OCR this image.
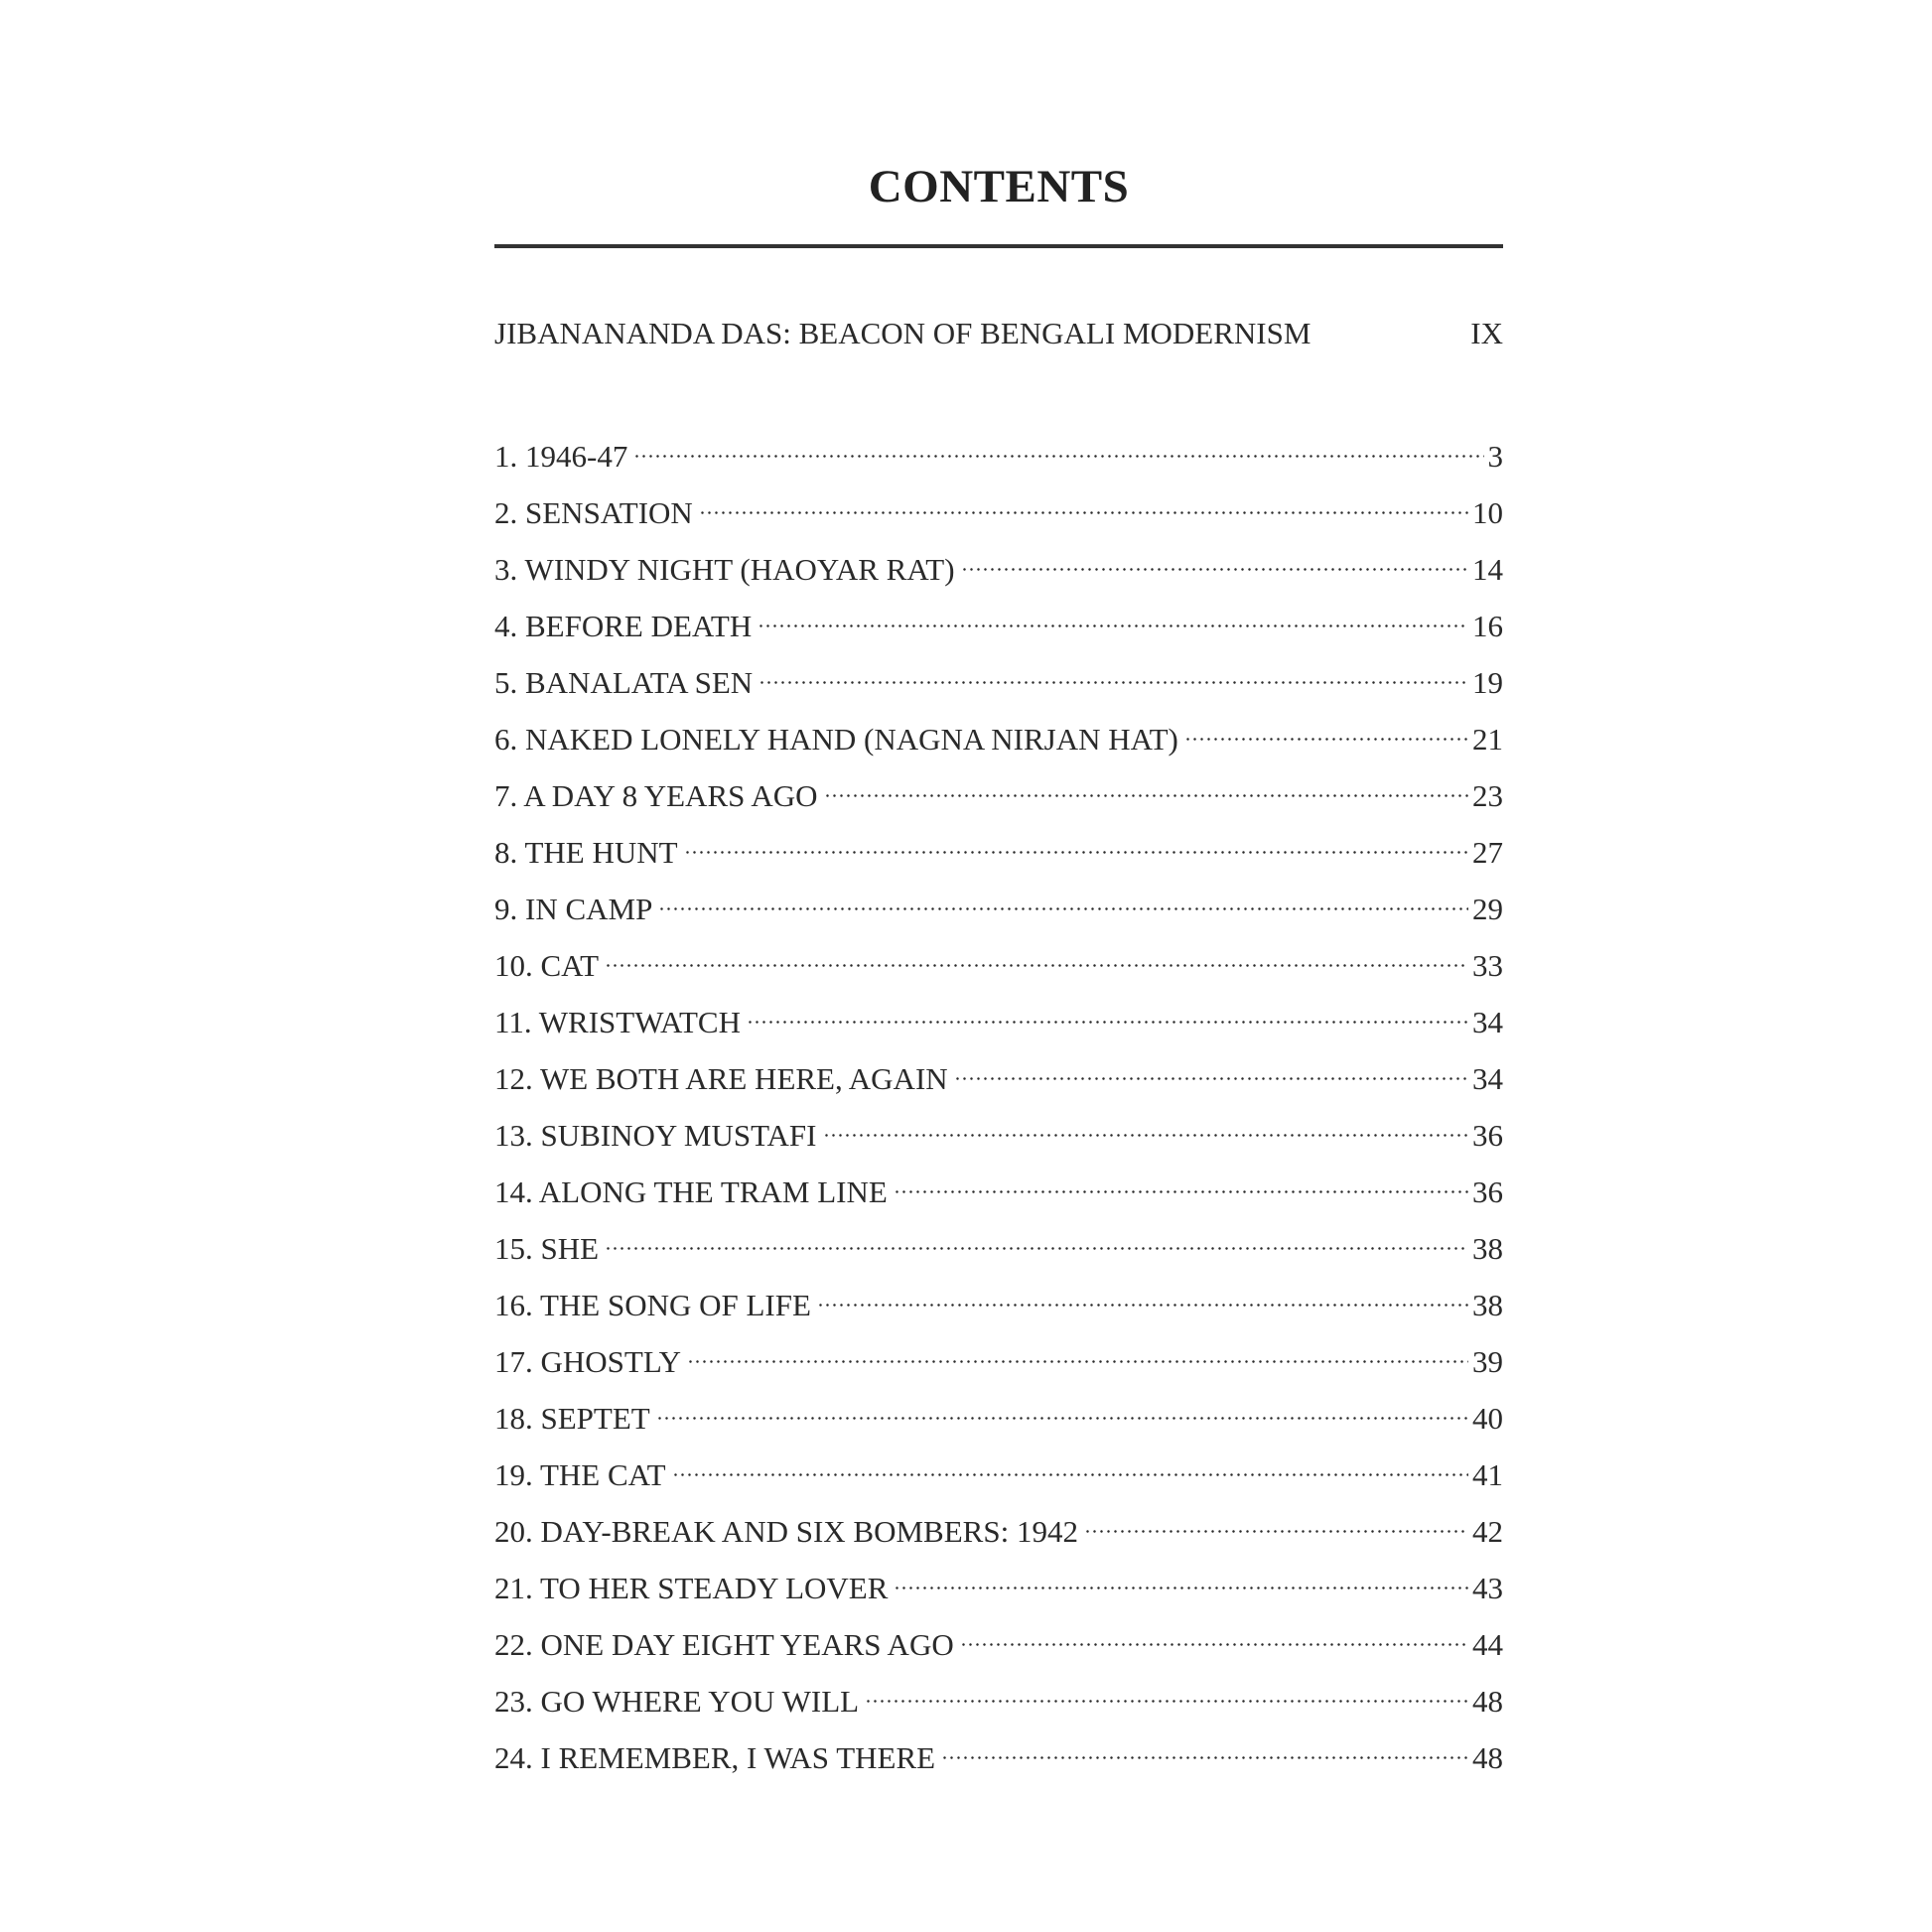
CONTENTS
JIBANANANDA DAS: BEACON OF BENGALI MODERNISM	IX
1. 1946-47	3
2. SENSATION	10
3. WINDY NIGHT (HAOYAR RAT)	14
4. BEFORE DEATH	16
5. BANALATA SEN	19
6. NAKED LONELY HAND (NAGNA NIRJAN HAT)	21
7. A DAY 8 YEARS AGO	23
8. THE HUNT	27
9. IN CAMP	29
10. CAT	33
11. WRISTWATCH	34
12. WE BOTH ARE HERE, AGAIN	34
13. SUBINOY MUSTAFI	36
14. ALONG THE TRAM LINE	36
15. SHE	38
16. THE SONG OF LIFE	38
17. GHOSTLY	39
18. SEPTET	40
19. THE CAT	41
20. DAY-BREAK AND SIX BOMBERS: 1942	42
21. TO HER STEADY LOVER	43
22. ONE DAY EIGHT YEARS AGO	44
23. GO WHERE YOU WILL	48
24. I REMEMBER, I WAS THERE	48
